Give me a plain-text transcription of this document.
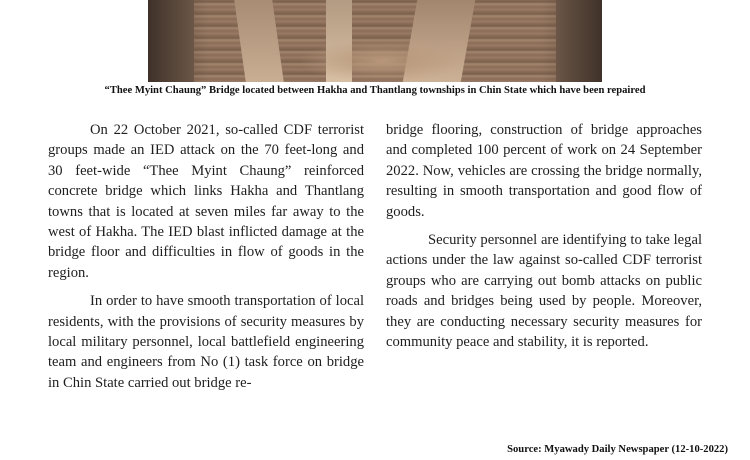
“Thee Myint Chaung” Bridge located between Hakha and Thantlang townships in Chin State which have been repaired

On 22 October 2021, so-called CDF terrorist groups made an IED attack on the 70 feet-long and 30 feet-wide “Thee Myint Chaung” reinforced concrete bridge which links Hakha and Thantlang towns that is located at seven miles far away to the west of Hakha. The IED blast inflicted damage at the bridge floor and difficulties in flow of goods in the region.

In order to have smooth transportation of local residents, with the provisions of security measures by local military personnel, local battlefield engineering team and engineers from No (1) task force on bridge in Chin State carried out bridge re-

bridge flooring, construction of bridge approaches and completed 100 percent of work on 24 September 2022. Now, vehicles are crossing the bridge normally, resulting in smooth transportation and good flow of goods.

Security personnel are identifying to take legal actions under the law against so-called CDF terrorist groups who are carrying out bomb attacks on public roads and bridges being used by people. Moreover, they are conducting necessary security measures for community peace and stability, it is reported.

Source: Myawady Daily Newspaper (12-10-2022)
